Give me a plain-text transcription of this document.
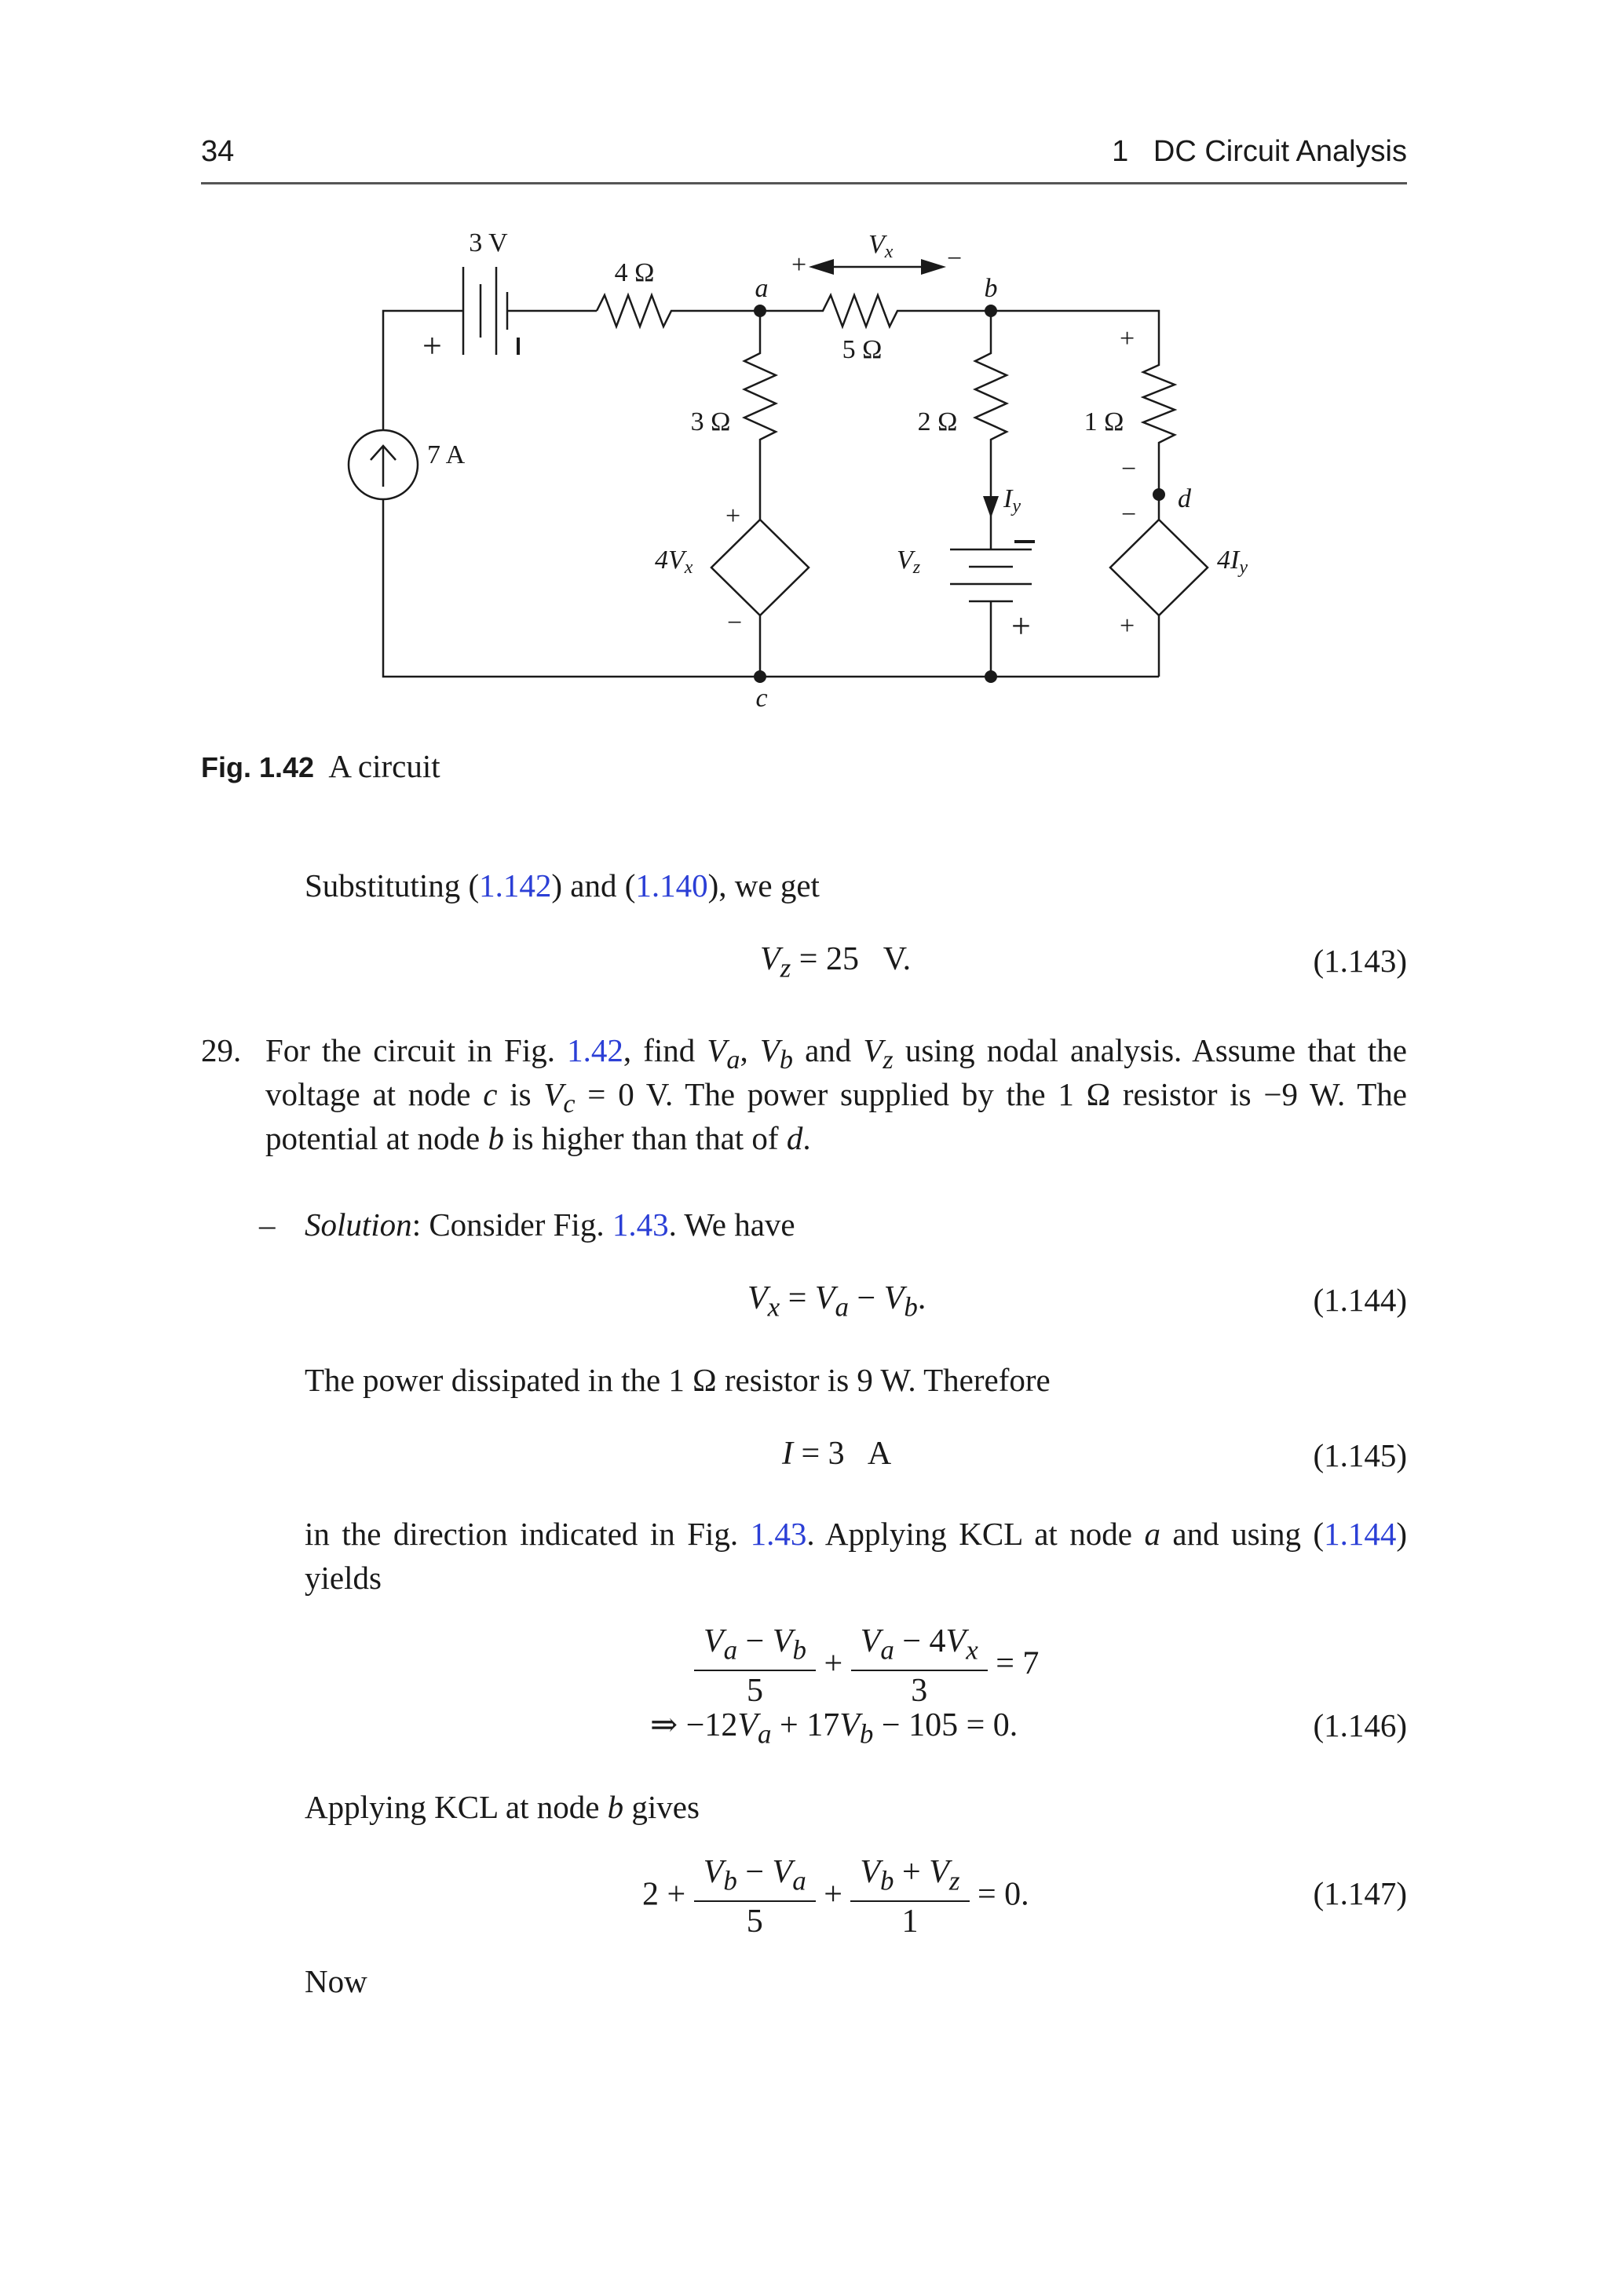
34	1   DC Circuit Analysis
3 V
4 Ω
5 Ω
3 Ω	2 Ω	1 Ω
a	b
c
d
Vx
+	−
7 A
4Vx	Vz
Iy
4Iy
+
+
−	+
+
−
−
+
Fig. 1.42 A circuit
Substituting (1.142) and (1.140), we get
$V_z = 25$   V.	(1.143)
29. For the circuit in Fig. 1.42, find $V_a$, $V_b$ and $V_z$ using nodal analysis. Assume that the
voltage at node c is $V_c = 0$ V. The power supplied by the 1 Ω resistor is −9 W. The
potential at node b is higher than that of d.
– Solution: Consider Fig. 1.43. We have
$V_x = V_a - V_b$.	(1.144)
The power dissipated in the 1 Ω resistor is 9 W. Therefore
I = 3   A	(1.145)
in the direction indicated in Fig. 1.43. Applying KCL at node a and using (1.144)
yields
$\frac{V_a - V_b}{5} + \frac{V_a - 4V_x}{3} = 7$
⇒ $-12V_a + 17V_b - 105 = 0$.	(1.146)
Applying KCL at node b gives
$2 + \frac{V_b - V_a}{5} + \frac{V_b + V_z}{1} = 0$.	(1.147)
Now
